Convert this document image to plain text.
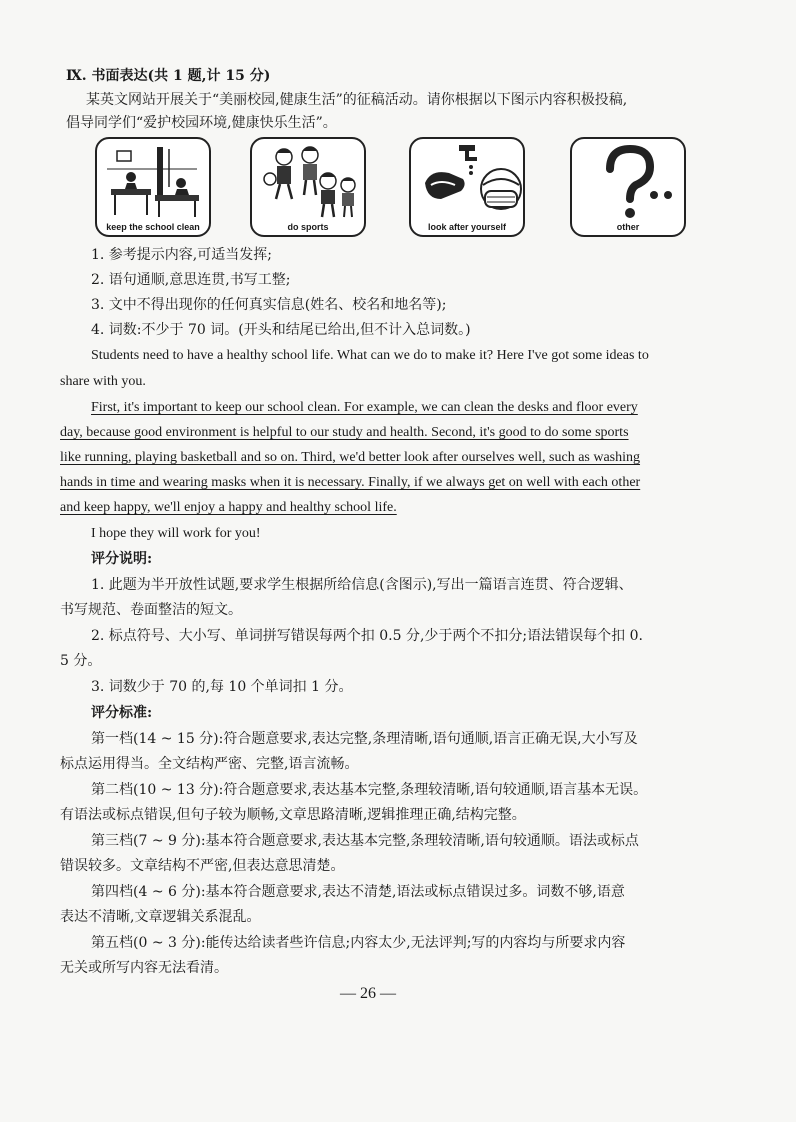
Ⅸ. 书面表达(共 1 题,计 15 分)
某英文网站开展关于“美丽校园,健康生活”的征稿活动。请你根据以下图示内容积极投稿,
倡导同学们“爱护校园环境,健康快乐生活”。
keep the school clean	do sports	look after yourself	other
1. 参考提示内容,可适当发挥;
2. 语句通顺,意思连贯,书写工整;
3. 文中不得出现你的任何真实信息(姓名、校名和地名等);
4. 词数:不少于 70 词。(开头和结尾已给出,但不计入总词数。)
Students need to have a healthy school life. What can we do to make it? Here I've got some ideas to
share with you.
First, it's important to keep our school clean. For example, we can clean the desks and floor every
day, because good environment is helpful to our study and health. Second, it's good to do some sports
like running, playing basketball and so on. Third, we'd better look after ourselves well, such as washing
hands in time and wearing masks when it is necessary. Finally, if we always get on well with each other
and keep happy, we'll enjoy a happy and healthy school life.
I hope they will work for you!
评分说明:
1. 此题为半开放性试题,要求学生根据所给信息(含图示),写出一篇语言连贯、符合逻辑、
书写规范、卷面整洁的短文。
2. 标点符号、大小写、单词拼写错误每两个扣 0.5 分,少于两个不扣分;语法错误每个扣 0.
5 分。
3. 词数少于 70 的,每 10 个单词扣 1 分。
评分标准:
第一档(14 ~ 15 分):符合题意要求,表达完整,条理清晰,语句通顺,语言正确无误,大小写及
标点运用得当。全文结构严密、完整,语言流畅。
第二档(10 ~ 13 分):符合题意要求,表达基本完整,条理较清晰,语句较通顺,语言基本无误。
有语法或标点错误,但句子较为顺畅,文章思路清晰,逻辑推理正确,结构完整。
第三档(7 ~ 9 分):基本符合题意要求,表达基本完整,条理较清晰,语句较通顺。语法或标点
错误较多。文章结构不严密,但表达意思清楚。
第四档(4 ~ 6 分):基本符合题意要求,表达不清楚,语法或标点错误过多。词数不够,语意
表达不清晰,文章逻辑关系混乱。
第五档(0 ~ 3 分):能传达给读者些许信息;内容太少,无法评判;写的内容均与所要求内容
无关或所写内容无法看清。
— 26 —
